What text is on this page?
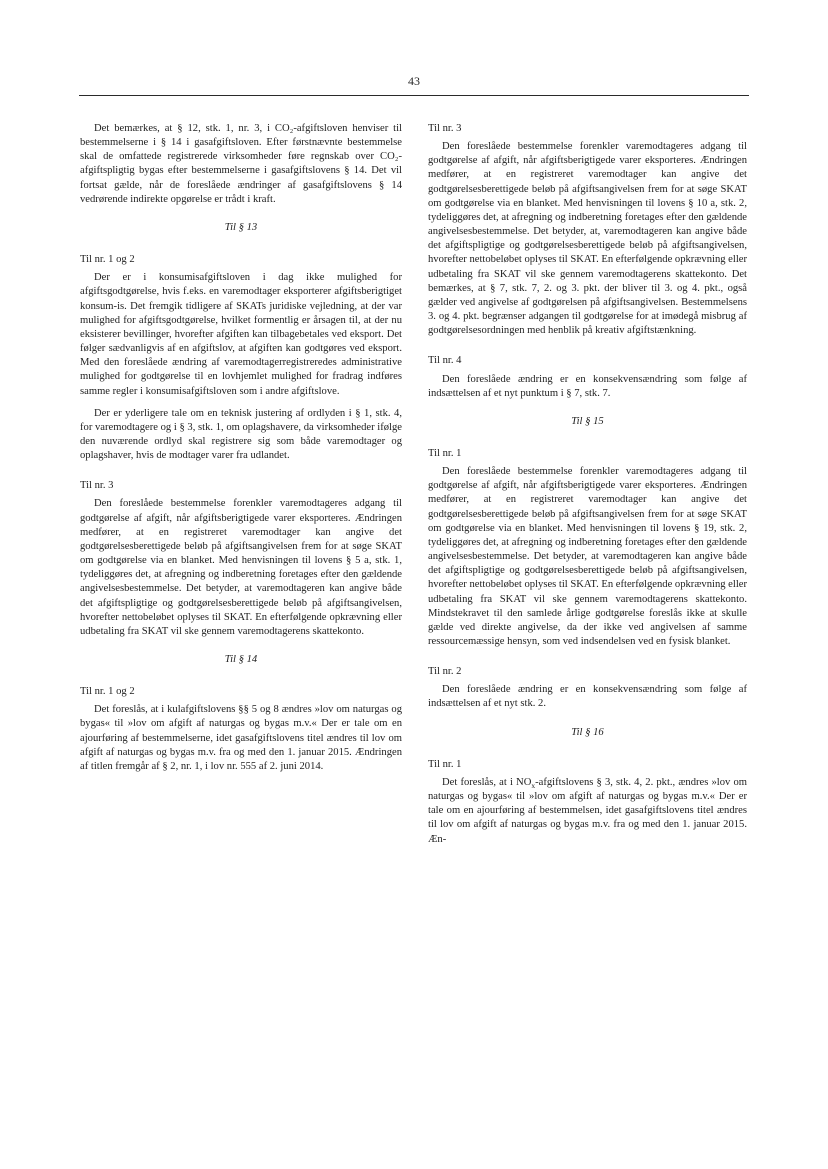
43

Det bemærkes, at § 12, stk. 1, nr. 3, i CO₂-afgiftsloven henviser til bestemmelserne i § 14 i gasafgiftsloven. Efter førstnævnte bestemmelse skal de omfattede registrerede virksomheder føre regnskab over CO₂-afgiftspligtig bygas efter bestemmelserne i gasafgiftslovens § 14. Det vil fortsat gælde, når de foreslåede ændringer af gasafgiftslovens § 14 vedrørende indirekte opgørelse er trådt i kraft.

Til § 13
Til nr. 1 og 2

Der er i konsumisafgiftsloven i dag ikke mulighed for afgiftsgodtgørelse, hvis f.eks. en varemodtager eksporterer afgiftsberigtiget konsum-is. Det fremgik tidligere af SKATs juridiske vejledning, at der var mulighed for afgiftsgodtgørelse, hvilket formentlig er årsagen til, at der nu eksisterer bevillinger, hvorefter afgiften kan tilbagebetales ved eksport. Det følger sædvanligvis af en afgiftslov, at afgiften kan godtgøres ved eksport. Med den foreslåede ændring af varemodtagerregistreredes administrative mulighed for godtgørelse til en lovhjemlet mulighed for fradrag indføres samme regler i konsumisafgiftsloven som i andre afgiftslove.

Der er yderligere tale om en teknisk justering af ordlyden i § 1, stk. 4, for varemodtagere og i § 3, stk. 1, om oplagshavere, da virksomheder ifølge den nuværende ordlyd skal registrere sig som både varemodtager og oplagshaver, hvis de modtager varer fra udlandet.

Til nr. 3

Den foreslåede bestemmelse forenkler varemodtageres adgang til godtgørelse af afgift, når afgiftsberigtigede varer eksporteres. Ændringen medfører, at en registreret varemodtager kan angive det godtgørelsesberettigede beløb på afgiftsangivelsen frem for at søge SKAT om godtgørelse via en blanket. Med henvisningen til lovens § 5 a, stk. 1, tydeliggøres det, at afregning og indberetning foretages efter den gældende angivelsesbestemmelse. Det betyder, at varemodtageren kan angive både det afgiftspligtige og godtgørelsesberettigede beløb på afgiftsangivelsen, hvorefter nettobeløbet oplyses til SKAT. En efterfølgende opkrævning eller udbetaling fra SKAT vil ske gennem varemodtagerens skattekonto.

Til § 14
Til nr. 1 og 2

Det foreslås, at i kulafgiftslovens §§ 5 og 8 ændres »lov om naturgas og bygas« til »lov om afgift af naturgas og bygas m.v.« Der er tale om en ajourføring af bestemmelserne, idet gasafgiftslovens titel ændres til lov om afgift af naturgas og bygas m.v. fra og med den 1. januar 2015. Ændringen af titlen fremgår af § 2, nr. 1, i lov nr. 555 af 2. juni 2014.

Til nr. 3

Den foreslåede bestemmelse forenkler varemodtageres adgang til godtgørelse af afgift, når afgiftsberigtigede varer eksporteres. Ændringen medfører, at en registreret varemodtager kan angive det godtgørelsesberettigede beløb på afgiftsangivelsen frem for at søge SKAT om godtgørelse via en blanket. Med henvisningen til lovens § 10 a, stk. 2, tydeliggøres det, at afregning og indberetning foretages efter den gældende angivelsesbestemmelse. Det betyder, at, varemodtageren kan angive både det afgiftspligtige og godtgørelsesberettigede beløb på afgiftsangivelsen, hvorefter nettobeløbet oplyses til SKAT. En efterfølgende opkrævning eller udbetaling fra SKAT vil ske gennem varemodtagerens skattekonto. Det bemærkes, at § 7, stk. 7, 2. og 3. pkt. der bliver til 3. og 4. pkt., også gælder ved angivelse af godtgørelsen på afgiftsangivelsen. Bestemmelsens 3. og 4. pkt. begrænser adgangen til godtgørelse for at imødegå misbrug af godtgørelsesordningen med henblik på kreativ afgiftstænkning.

Til nr. 4

Den foreslåede ændring er en konsekvensændring som følge af indsættelsen af et nyt punktum i § 7, stk. 7.

Til § 15
Til nr. 1

Den foreslåede bestemmelse forenkler varemodtageres adgang til godtgørelse af afgift, når afgiftsberigtigede varer eksporteres. Ændringen medfører, at en registreret varemodtager kan angive det godtgørelsesberettigede beløb på afgiftsangivelsen frem for at søge SKAT om godtgørelse via en blanket. Med henvisningen til lovens § 19, stk. 2, tydeliggøres det, at afregning og indberetning foretages efter den gældende angivelsesbestemmelse. Det betyder, at varemodtageren kan angive både det afgiftspligtige og godtgørelsesberettigede beløb på afgiftsangivelsen, hvorefter nettobeløbet oplyses til SKAT. En efterfølgende opkrævning eller udbetaling fra SKAT vil ske gennem varemodtagerens skattekonto. Mindstekravet til den samlede årlige godtgørelse foreslås ikke at skulle gælde ved direkte angivelse, da der ikke ved angivelsen af samme ressourcemæssige hensyn, som ved indsendelsen ved en fysisk blanket.

Til nr. 2

Den foreslåede ændring er en konsekvensændring som følge af indsættelsen af et nyt stk. 2.

Til § 16
Til nr. 1

Det foreslås, at i $NO_x$-afgiftslovens § 3, stk. 4, 2. pkt., ændres »lov om naturgas og bygas« til »lov om afgift af naturgas og bygas m.v.« Der er tale om en ajourføring af bestemmelsen, idet gasafgiftslovens titel ændres til lov om afgift af naturgas og bygas m.v. fra og med den 1. januar 2015. Æn-
